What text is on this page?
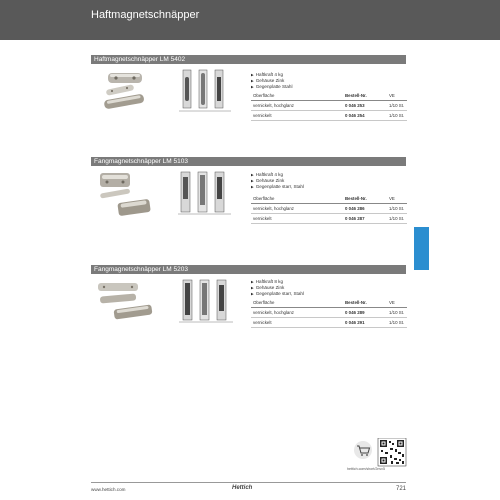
Haftmagnetschnäpper
Haftmagnetschnäpper LM 5402
▶ Haftkraft 4 kg
▶ Gehäuse Zink
▶ Gegenplatte Stahl
Oberfläche	Bestell-Nr.	VE
vernickelt, hochglanz	0 046 253	1/10 St.
vernickelt	0 046 254	1/10 St.
Fangmagnetschnäpper LM 5103
▶ Haftkraft 4 kg
▶ Gehäuse Zink
▶ Gegenplatte starr, Stahl
Oberfläche	Bestell-Nr.	VE
vernickelt, hochglanz	0 046 286	1/10 St.
vernickelt	0 046 287	1/10 St.
Fangmagnetschnäpper LM 5203
▶ Haftkraft 8 kg
▶ Gehäuse Zink
▶ Gegenplatte starr, Stahl
Oberfläche	Bestell-Nr.	VE
vernickelt, hochglanz	0 046 289	1/10 St.
vernickelt	0 046 291	1/10 St.
hettich.com/short/2nvv5
www.hettich.com	Hettich	721
